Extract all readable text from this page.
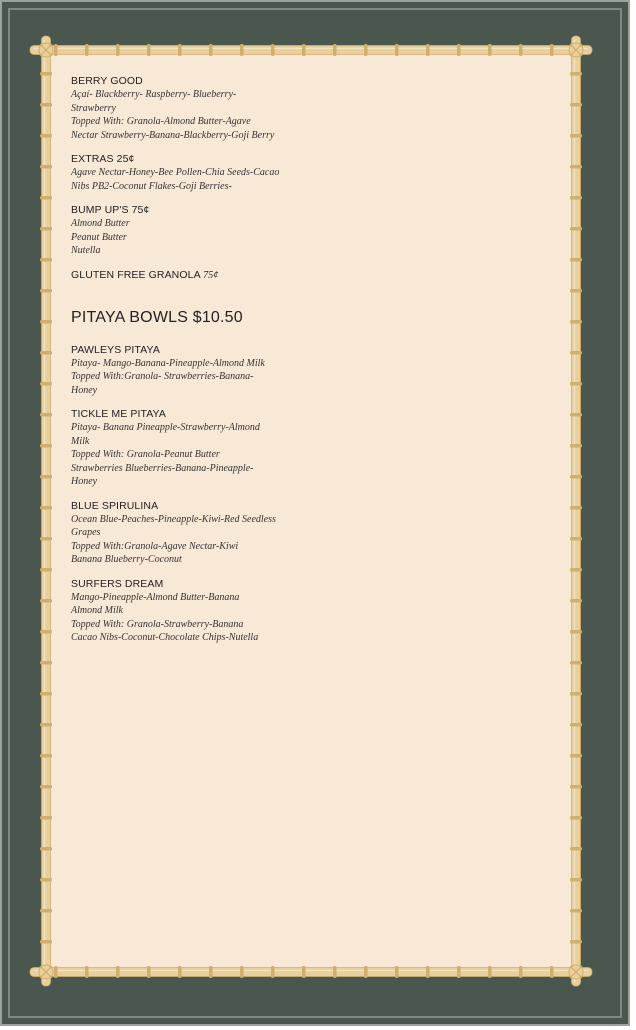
BERRY GOOD

Açaí- Blackberry- Raspberry- Blueberry-

Strawberry

Topped With: Granola-Almond Butter-Agave

Nectar Strawberry-Banana-Blackberry-Goji Berry

EXTRAS 25¢

Agave Nectar-Honey-Bee Pollen-Chia Seeds-Cacao

Nibs PB2-Coconut Flakes-Goji Berries-

BUMP UP'S 75¢

Almond Butter

Peanut Butter

Nutella

GLUTEN FREE GRANOLA 75¢

PITAYA BOWLS $10.50

PAWLEYS PITAYA

Pitaya- Mango-Banana-Pineapple-Almond Milk

Topped With:Granola- Strawberries-Banana-

Honey

TICKLE ME PITAYA

Pitaya- Banana Pineapple-Strawberry-Almond

Milk

Topped With: Granola-Peanut Butter

Strawberries Blueberries-Banana-Pineapple-

Honey

BLUE SPIRULINA

Ocean Blue-Peaches-Pineapple-Kiwi-Red Seedless

Grapes

Topped With:Granola-Agave Nectar-Kiwi

Banana Blueberry-Coconut

SURFERS DREAM

Mango-Pineapple-Almond Butter-Banana

Almond Milk

Topped With: Granola-Strawberry-Banana

Cacao Nibs-Coconut-Chocolate Chips-Nutella
